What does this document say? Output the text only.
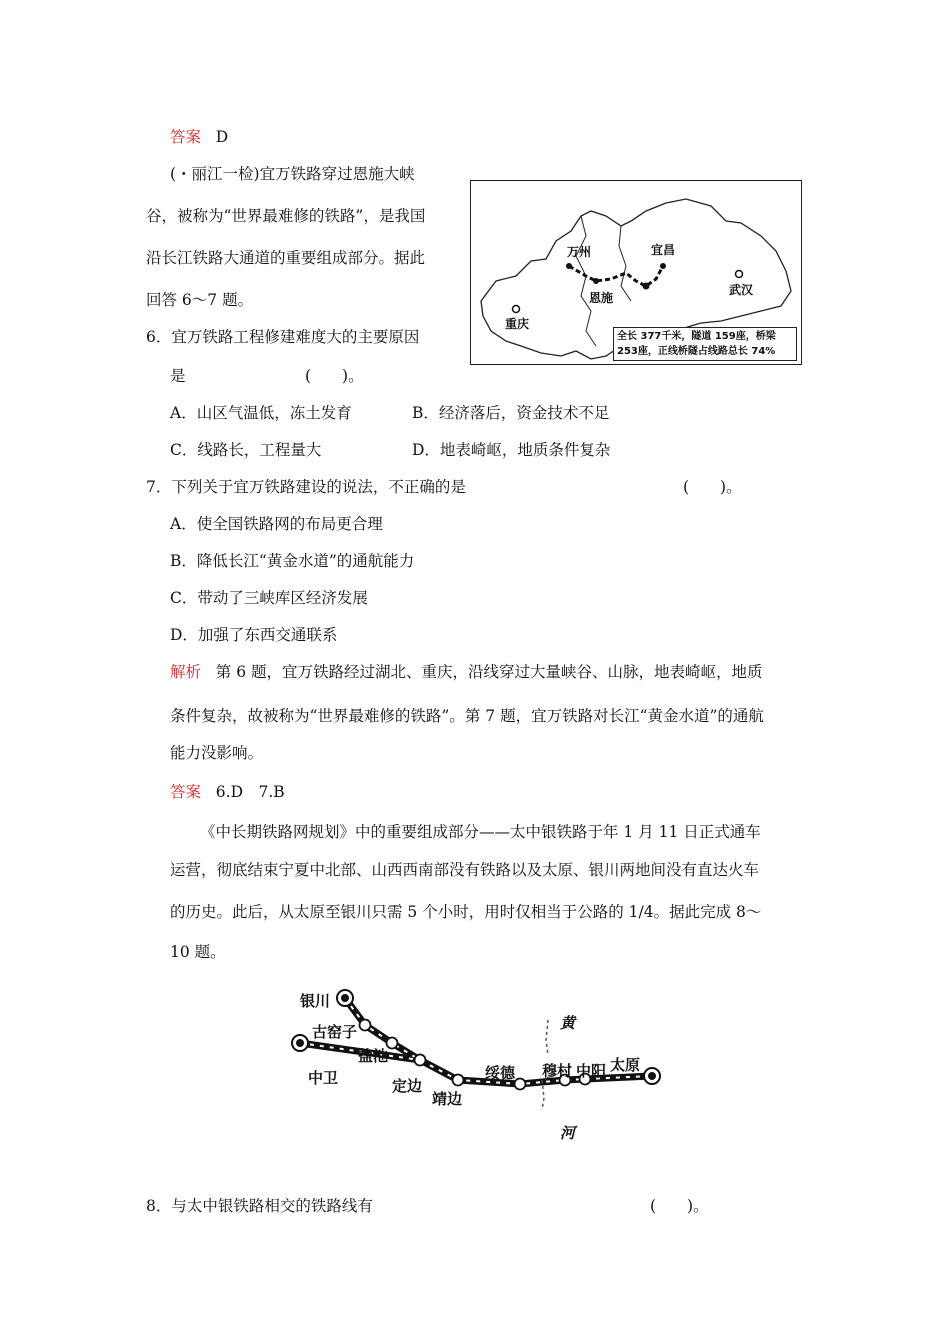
答案 D
(・丽江一检)宜万铁路穿过恩施大峡
谷，被称为“世界最难修的铁路”，是我国
沿长江铁路大通道的重要组成部分。据此
回答 6～7 题。
万州	宜昌
恩施
武汉
重庆
全长 377千米，隧道 159座，桥梁 253座，正线桥隧占线路总长 74%
6．宜万铁路工程修建难度大的主要原因
是	(　　)。
A．山区气温低，冻土发育	B．经济落后，资金技术不足
C．线路长，工程量大	D．地表崎岖，地质条件复杂
7．下列关于宜万铁路建设的说法，不正确的是	(　　)。
A．使全国铁路网的布局更合理
B．降低长江“黄金水道”的通航能力
C．带动了三峡库区经济发展
D．加强了东西交通联系
解析 第 6 题，宜万铁路经过湖北、重庆，沿线穿过大量峡谷、山脉，地表崎岖，地质
条件复杂，故被称为“世界最难修的铁路”。第 7 题，宜万铁路对长江“黄金水道”的通航
能力没影响。
答案 6.D　7.B
《中长期铁路网规划》中的重要组成部分——太中银铁路于年 1 月 11 日正式通车
运营，彻底结束宁夏中北部、山西西南部没有铁路以及太原、银川两地间没有直达火车
的历史。此后，从太原至银川只需 5 个小时，用时仅相当于公路的 1/4。据此完成 8～
10 题。
银川
古窑子
盐池
中卫	定边
靖边
绥德 穆村 中阳 太原
黄
河
8．与太中银铁路相交的铁路线有	(　　)。
